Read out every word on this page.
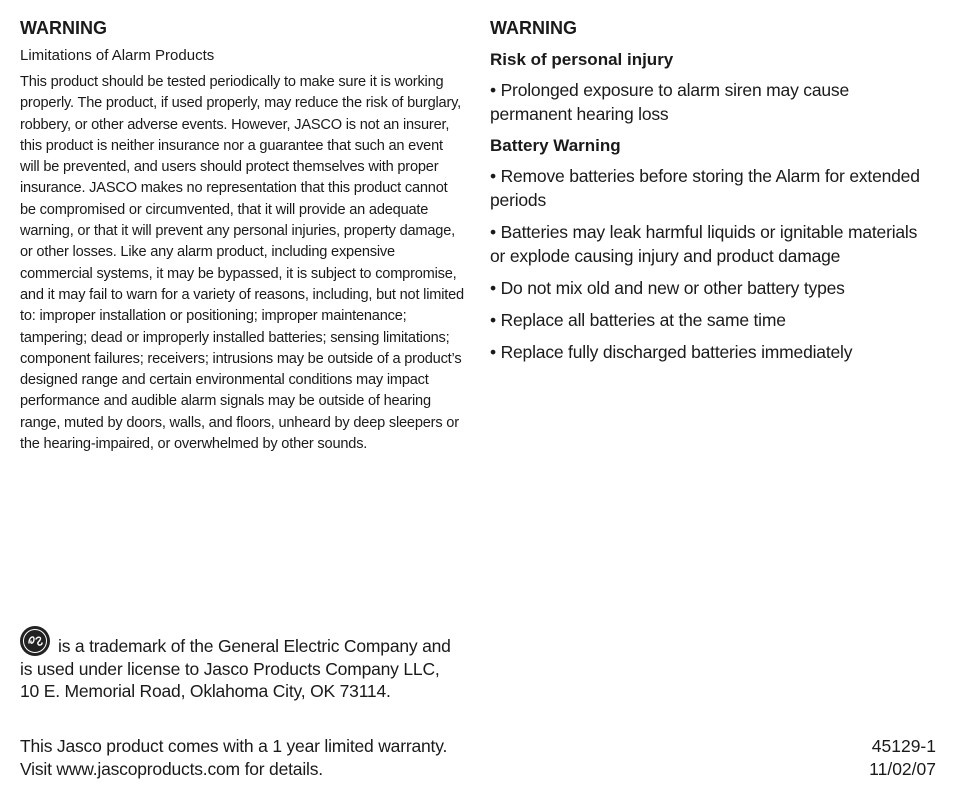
WARNING

Limitations of Alarm Products

This product should be tested periodically to make sure it is working properly. The product, if used properly, may reduce the risk of burglary, robbery, or other adverse events. However, JASCO is not an insurer, this product is neither insurance nor a guarantee that such an event will be prevented, and users should protect themselves with proper insurance. JASCO makes no representation that this product cannot be compromised or circumvented, that it will provide an adequate warning, or that it will prevent any personal injuries, property damage, or other losses. Like any alarm product, including expensive commercial systems, it may be bypassed, it is subject to compromise, and it may fail to warn for a variety of reasons, including, but not limited to: improper installation or positioning; improper maintenance; tampering; dead or improperly installed batteries; sensing limitations; component failures; receivers; intrusions may be outside of a product’s designed range and certain environmental conditions may impact performance and audible alarm signals may be outside of hearing range, muted by doors, walls, and floors, unheard by deep sleepers or the hearing-impaired, or overwhelmed by other sounds.

WARNING

Risk of personal injury

• Prolonged exposure to alarm siren may cause permanent hearing loss

Battery Warning

• Remove batteries before storing the Alarm for extended periods

• Batteries may leak harmful liquids or ignitable materials or explode causing injury and product damage

• Do not mix old and new or other battery types

• Replace all batteries at the same time

• Replace fully discharged batteries immediately

is a trademark of the General Electric Company and is used under license to Jasco Products Company LLC, 10 E. Memorial Road, Oklahoma City, OK 73114.
This Jasco product comes with a 1 year limited warranty. Visit www.jascoproducts.com for details.
45129-1
11/02/07
